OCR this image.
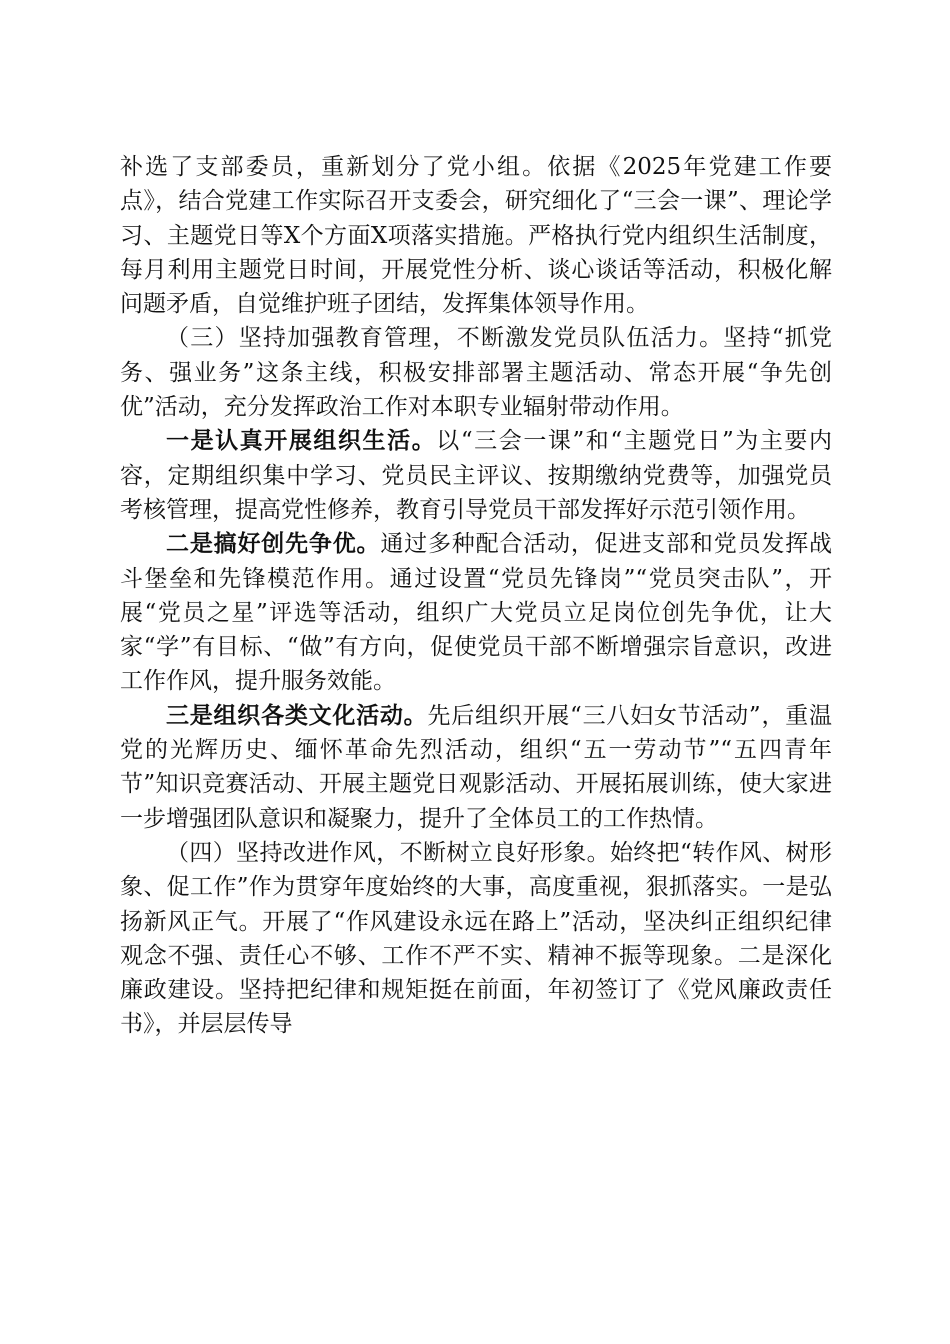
补选了支部委员，重新划分了党小组。依据《2025年党建工作要点》，结合党建工作实际召开支委会，研究细化了“三会一课”、理论学习、主题党日等X个方面X项落实措施。严格执行党内组织生活制度，每月利用主题党日时间，开展党性分析、谈心谈话等活动，积极化解问题矛盾，自觉维护班子团结，发挥集体领导作用。

（三）坚持加强教育管理，不断激发党员队伍活力。坚持“抓党务、强业务”这条主线，积极安排部署主题活动、常态开展“争先创优”活动，充分发挥政治工作对本职专业辐射带动作用。

一是认真开展组织生活。以“三会一课”和“主题党日”为主要内容，定期组织集中学习、党员民主评议、按期缴纳党费等，加强党员考核管理，提高党性修养，教育引导党员干部发挥好示范引领作用。

二是搞好创先争优。通过多种配合活动，促进支部和党员发挥战斗堡垒和先锋模范作用。通过设置“党员先锋岗”“党员突击队”，开展“党员之星”评选等活动，组织广大党员立足岗位创先争优，让大家“学”有目标、“做”有方向，促使党员干部不断增强宗旨意识，改进工作作风，提升服务效能。

三是组织各类文化活动。先后组织开展“三八妇女节活动”，重温党的光辉历史、缅怀革命先烈活动，组织“五一劳动节”“五四青年节”知识竞赛活动、开展主题党日观影活动、开展拓展训练，使大家进一步增强团队意识和凝聚力，提升了全体员工的工作热情。

（四）坚持改进作风，不断树立良好形象。始终把“转作风、树形象、促工作”作为贯穿年度始终的大事，高度重视，狠抓落实。一是弘扬新风正气。开展了“作风建设永远在路上”活动，坚决纠正组织纪律观念不强、责任心不够、工作不严不实、精神不振等现象。二是深化廉政建设。坚持把纪律和规矩挺在前面，年初签订了《党风廉政责任书》，并层层传导
